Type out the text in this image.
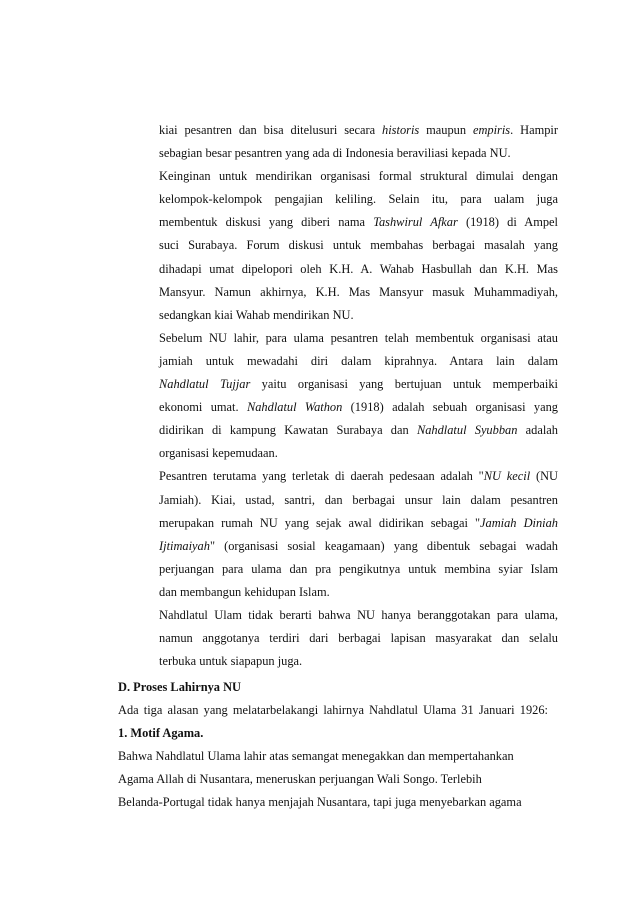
kiai pesantren dan bisa ditelusuri secara historis maupun empiris. Hampir
sebagian besar pesantren yang ada di Indonesia beraviliasi kepada NU.
Keinginan untuk mendirikan organisasi formal struktural dimulai dengan
kelompok-kelompok pengajian keliling. Selain itu, para ualam juga
membentuk diskusi yang diberi nama Tashwirul Afkar (1918) di Ampel
suci Surabaya. Forum diskusi untuk membahas berbagai masalah yang
dihadapi umat dipelopori oleh K.H. A. Wahab Hasbullah dan K.H. Mas
Mansyur. Namun akhirnya, K.H. Mas Mansyur masuk Muhammadiyah,
sedangkan kiai Wahab mendirikan NU.
Sebelum NU lahir, para ulama pesantren telah membentuk organisasi atau
jamiah untuk mewadahi diri dalam kiprahnya. Antara lain dalam
Nahdlatul Tujjar yaitu organisasi yang bertujuan untuk memperbaiki
ekonomi umat. Nahdlatul Wathon (1918) adalah sebuah organisasi yang
didirikan di kampung Kawatan Surabaya dan Nahdlatul Syubban adalah
organisasi kepemudaan.
Pesantren terutama yang terletak di daerah pedesaan adalah "NU kecil (NU
Jamiah). Kiai, ustad, santri, dan berbagai unsur lain dalam pesantren
merupakan rumah NU yang sejak awal didirikan sebagai "Jamiah Diniah
Ijtimaiyah" (organisasi sosial keagamaan) yang dibentuk sebagai wadah
perjuangan para ulama dan pra pengikutnya untuk membina syiar Islam
dan membangun kehidupan Islam.
Nahdlatul Ulam tidak berarti bahwa NU hanya beranggotakan para ulama,
namun anggotanya terdiri dari berbagai lapisan masyarakat dan selalu
terbuka untuk siapapun juga.
D. Proses Lahirnya NU
Ada tiga alasan yang melatarbelakangi lahirnya Nahdlatul Ulama 31 Januari 1926:
1. Motif Agama.
Bahwa Nahdlatul Ulama lahir atas semangat menegakkan dan mempertahankan
Agama Allah di Nusantara, meneruskan perjuangan Wali Songo. Terlebih
Belanda-Portugal tidak hanya menjajah Nusantara, tapi juga menyebarkan agama
